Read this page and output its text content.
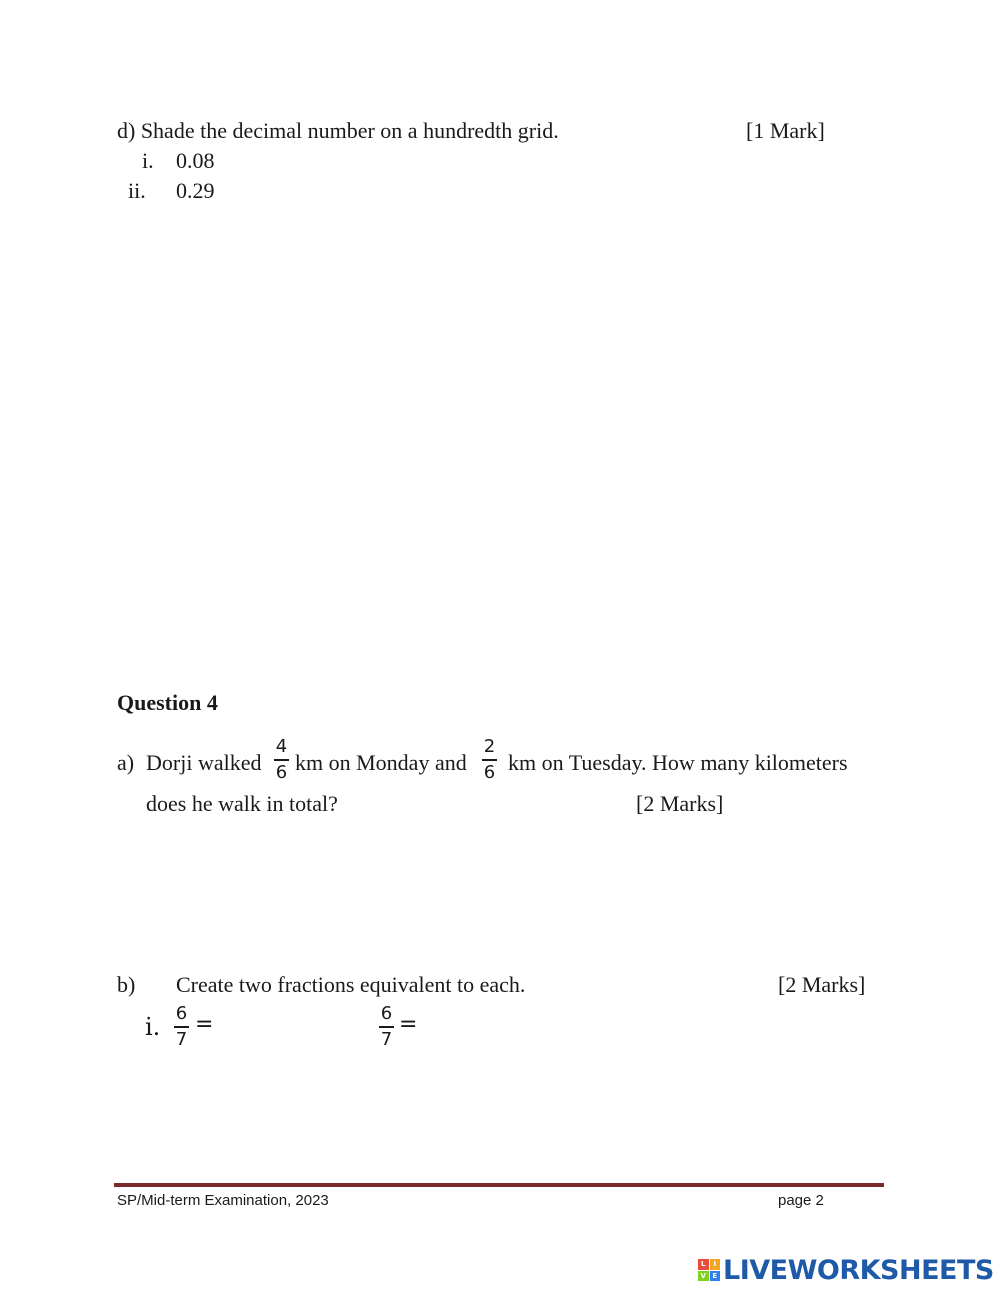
d) Shade the decimal number on a hundredth grid.	[1 Mark]
i. 0.08
ii. 0.29
Question 4
a) Dorji walked
4
6 km on Monday and
2
6 km on Tuesday. How many kilometers
does he walk in total?	[2 Marks]
b) Create two fractions equivalent to each.	[2 Marks]
i. 6
7
=	6
7
=
SP/Mid-term Examination, 2023	page 2
L	I
V E LIVEWORKSHEETS
